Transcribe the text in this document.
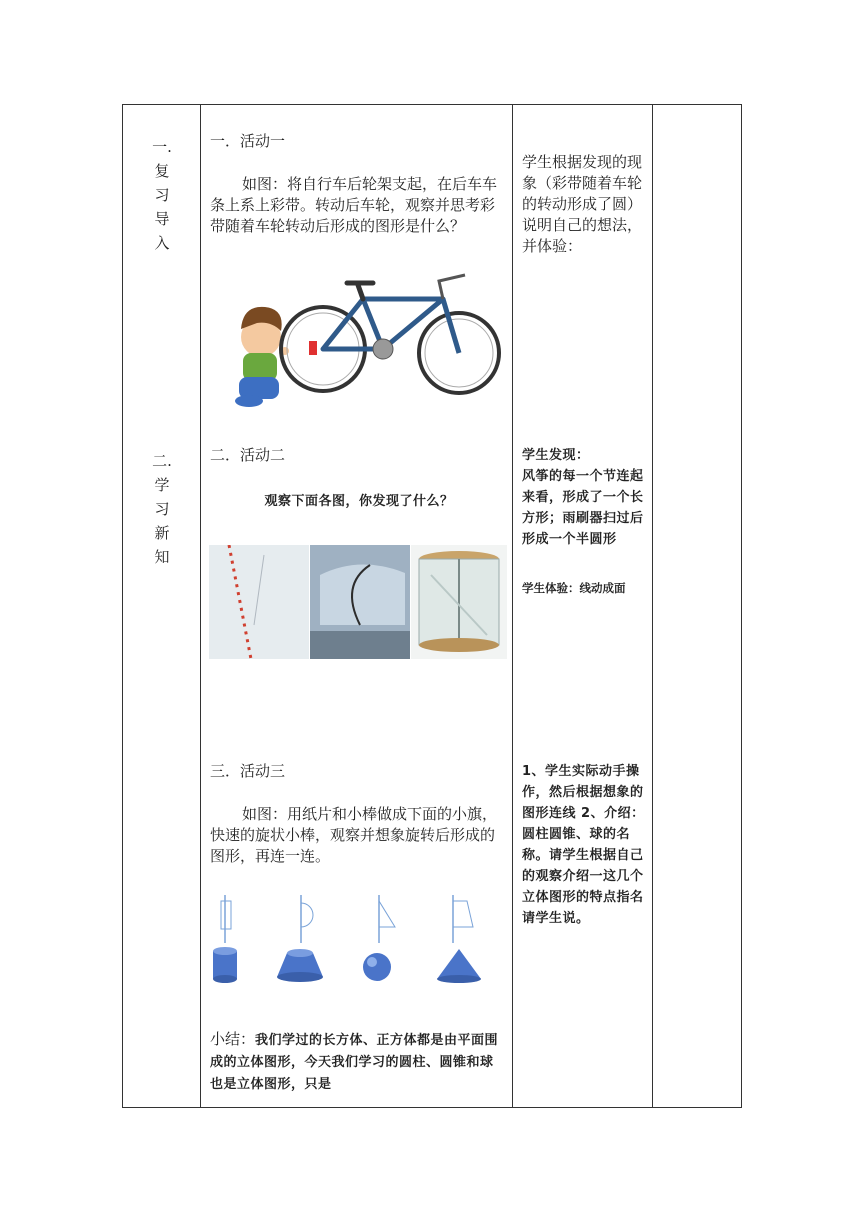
一.
复
习
导
入
二.
学
习
新
知
一．活动一
如图：将自行车后轮架支起，在后车车条上系上彩带。转动后车轮，观察并思考彩带随着车轮转动后形成的图形是什么？
学生根据发现的现象（彩带随着车轮的转动形成了圆）说明自己的想法，并体验：
二．活动二
观察下面各图，你发现了什么？
学生发现：
风筝的每一个节连起来看，形成了一个长方形；雨刷器扫过后形成一个半圆形
学生体验：线动成面
三．活动三
如图：用纸片和小棒做成下面的小旗，快速的旋状小棒，观察并想象旋转后形成的图形，再连一连。
1、学生实际动手操作，然后根据想象的图形连线 2、介绍：圆柱圆锥、球的名称。请学生根据自己的观察介绍一这几个立体图形的特点指名请学生说。
小结：我们学过的长方体、正方体都是由平面围成的立体图形，今天我们学习的圆柱、圆锥和球也是立体图形，只是
